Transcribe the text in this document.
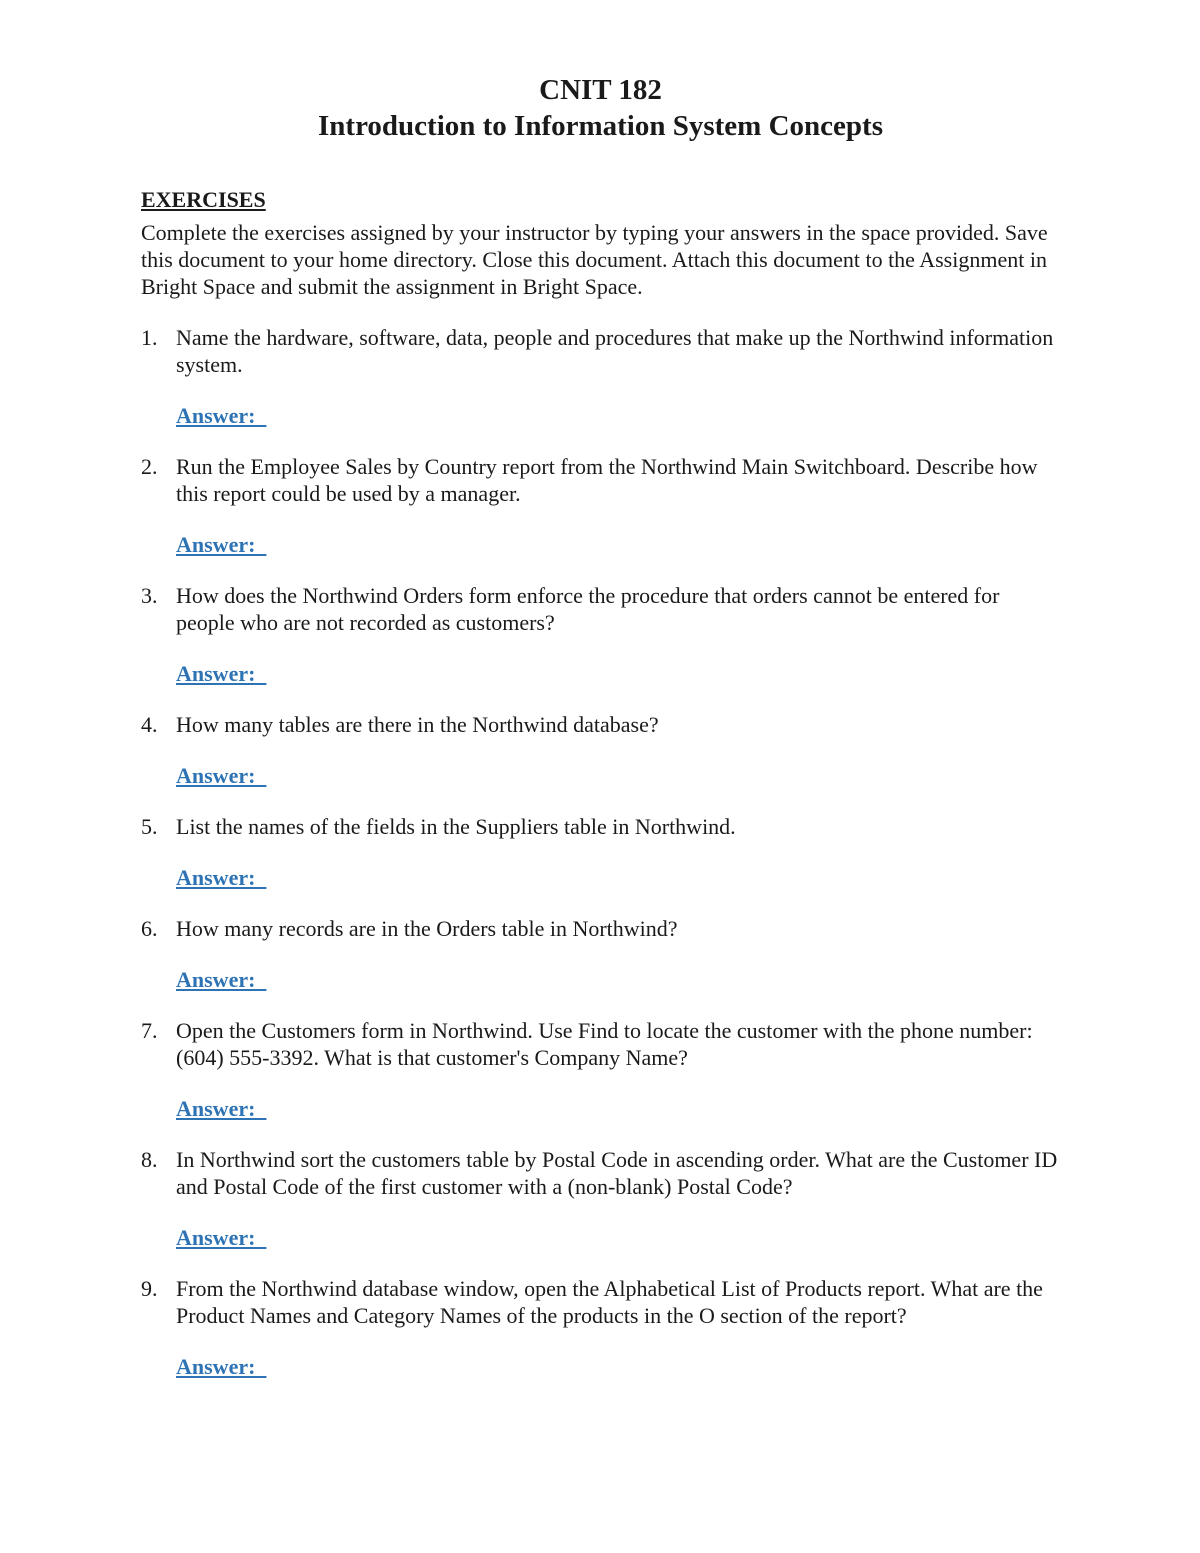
CNIT 182
Introduction to Information System Concepts
EXERCISES
Complete the exercises assigned by your instructor by typing your answers in the space provided. Save this document to your home directory. Close this document. Attach this document to the Assignment in Bright Space and submit the assignment in Bright Space.
1. Name the hardware, software, data, people and procedures that make up the Northwind information system.
Answer:
2. Run the Employee Sales by Country report from the Northwind Main Switchboard. Describe how this report could be used by a manager.
Answer:
3. How does the Northwind Orders form enforce the procedure that orders cannot be entered for people who are not recorded as customers?
Answer:
4. How many tables are there in the Northwind database?
Answer:
5. List the names of the fields in the Suppliers table in Northwind.
Answer:
6. How many records are in the Orders table in Northwind?
Answer:
7. Open the Customers form in Northwind. Use Find to locate the customer with the phone number: (604) 555-3392. What is that customer's Company Name?
Answer:
8. In Northwind sort the customers table by Postal Code in ascending order. What are the Customer ID and Postal Code of the first customer with a (non-blank) Postal Code?
Answer:
9. From the Northwind database window, open the Alphabetical List of Products report. What are the Product Names and Category Names of the products in the O section of the report?
Answer:
